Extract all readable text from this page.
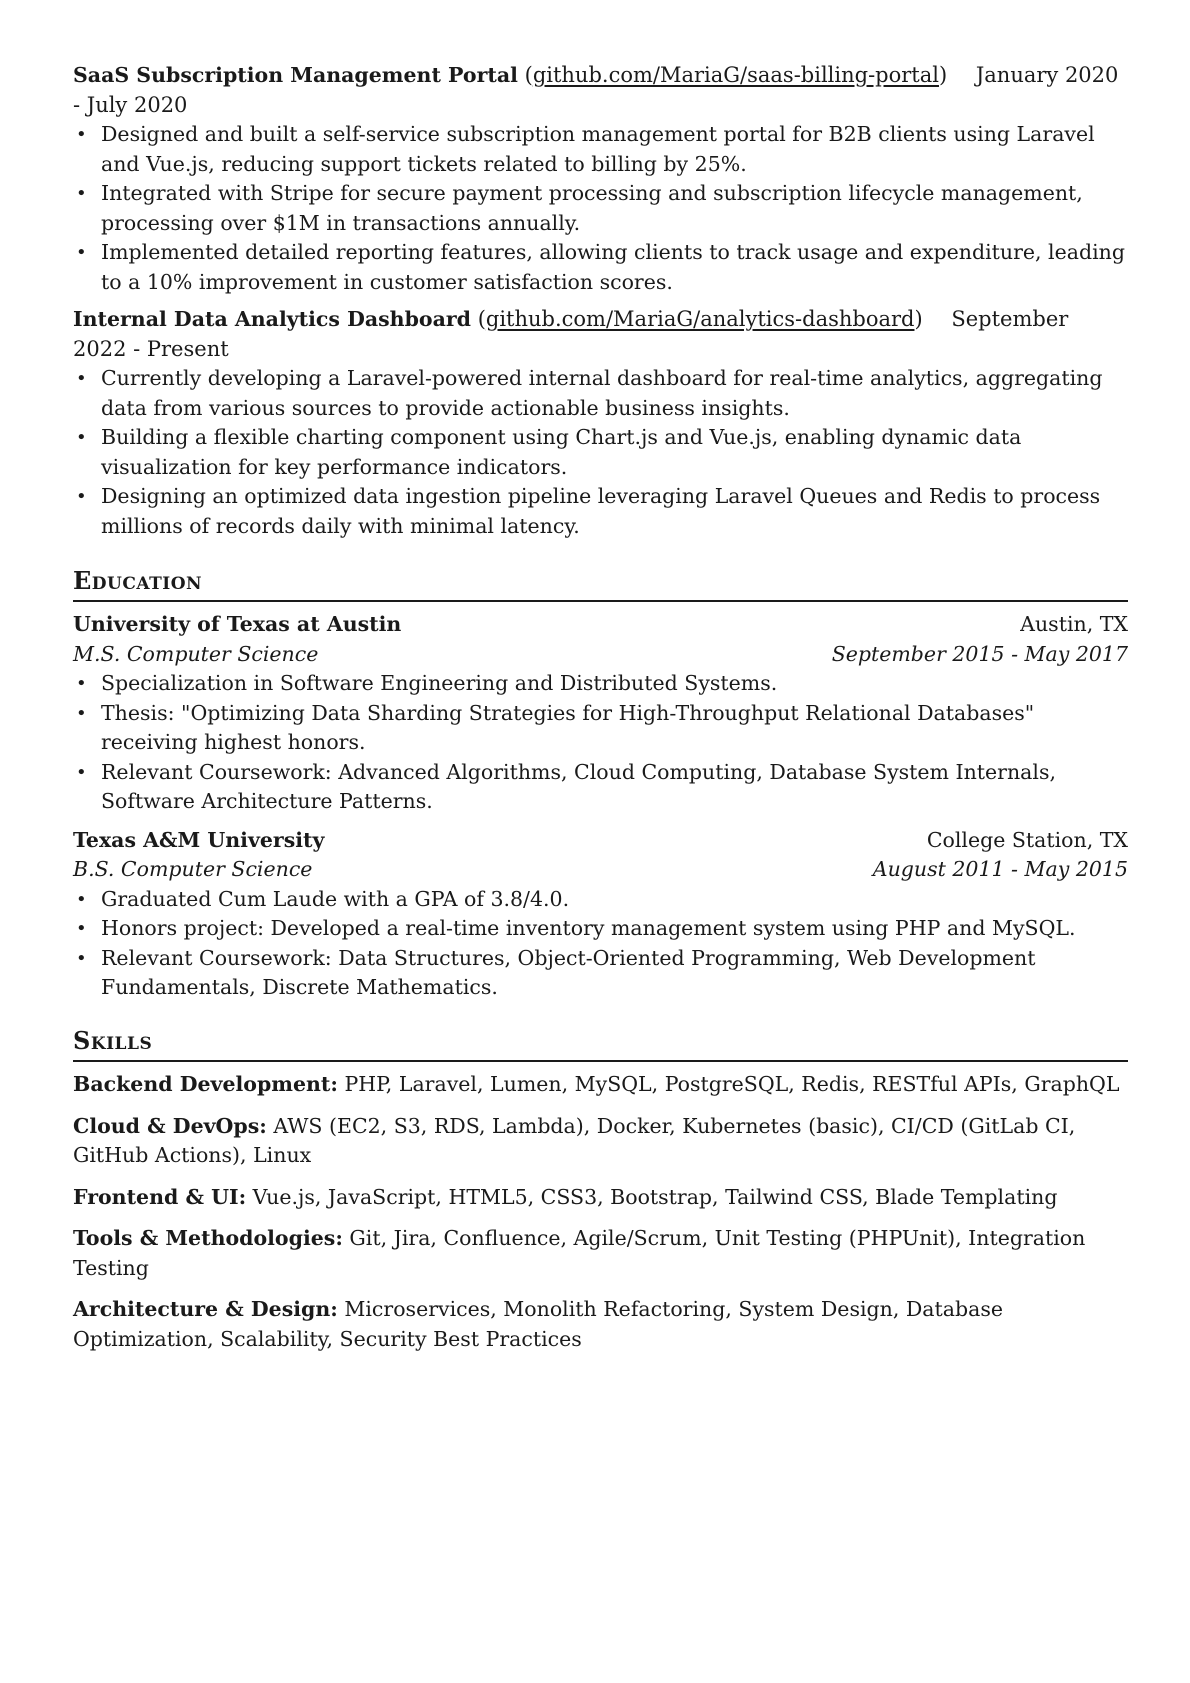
SaaS Subscription Management Portal (github.com/MariaG/saas-billing-portal) January 2020 - July 2020
• Designed and built a self-service subscription management portal for B2B clients using Laravel and Vue.js, reducing support tickets related to billing by 25%.
• Integrated with Stripe for secure payment processing and subscription lifecycle management, processing over $1M in transactions annually.
• Implemented detailed reporting features, allowing clients to track usage and expenditure, leading to a 10% improvement in customer satisfaction scores.
Internal Data Analytics Dashboard (github.com/MariaG/analytics-dashboard) September 2022 - Present
• Currently developing a Laravel-powered internal dashboard for real-time analytics, aggregating data from various sources to provide actionable business insights.
• Building a flexible charting component using Chart.js and Vue.js, enabling dynamic data visualization for key performance indicators.
• Designing an optimized data ingestion pipeline leveraging Laravel Queues and Redis to process millions of records daily with minimal latency.
Education
University of Texas at Austin	Austin, TX
M.S. Computer Science	September 2015 - May 2017
• Specialization in Software Engineering and Distributed Systems.
• Thesis: "Optimizing Data Sharding Strategies for High-Throughput Relational Databases" receiving highest honors.
• Relevant Coursework: Advanced Algorithms, Cloud Computing, Database System Internals, Software Architecture Patterns.
Texas A&M University	College Station, TX
B.S. Computer Science	August 2011 - May 2015
• Graduated Cum Laude with a GPA of 3.8/4.0.
• Honors project: Developed a real-time inventory management system using PHP and MySQL.
• Relevant Coursework: Data Structures, Object-Oriented Programming, Web Development Fundamentals, Discrete Mathematics.
Skills
Backend Development: PHP, Laravel, Lumen, MySQL, PostgreSQL, Redis, RESTful APIs, GraphQL
Cloud & DevOps: AWS (EC2, S3, RDS, Lambda), Docker, Kubernetes (basic), CI/CD (GitLab CI, GitHub Actions), Linux
Frontend & UI: Vue.js, JavaScript, HTML5, CSS3, Bootstrap, Tailwind CSS, Blade Templating
Tools & Methodologies: Git, Jira, Confluence, Agile/Scrum, Unit Testing (PHPUnit), Integration Testing
Architecture & Design: Microservices, Monolith Refactoring, System Design, Database Optimization, Scalability, Security Best Practices
